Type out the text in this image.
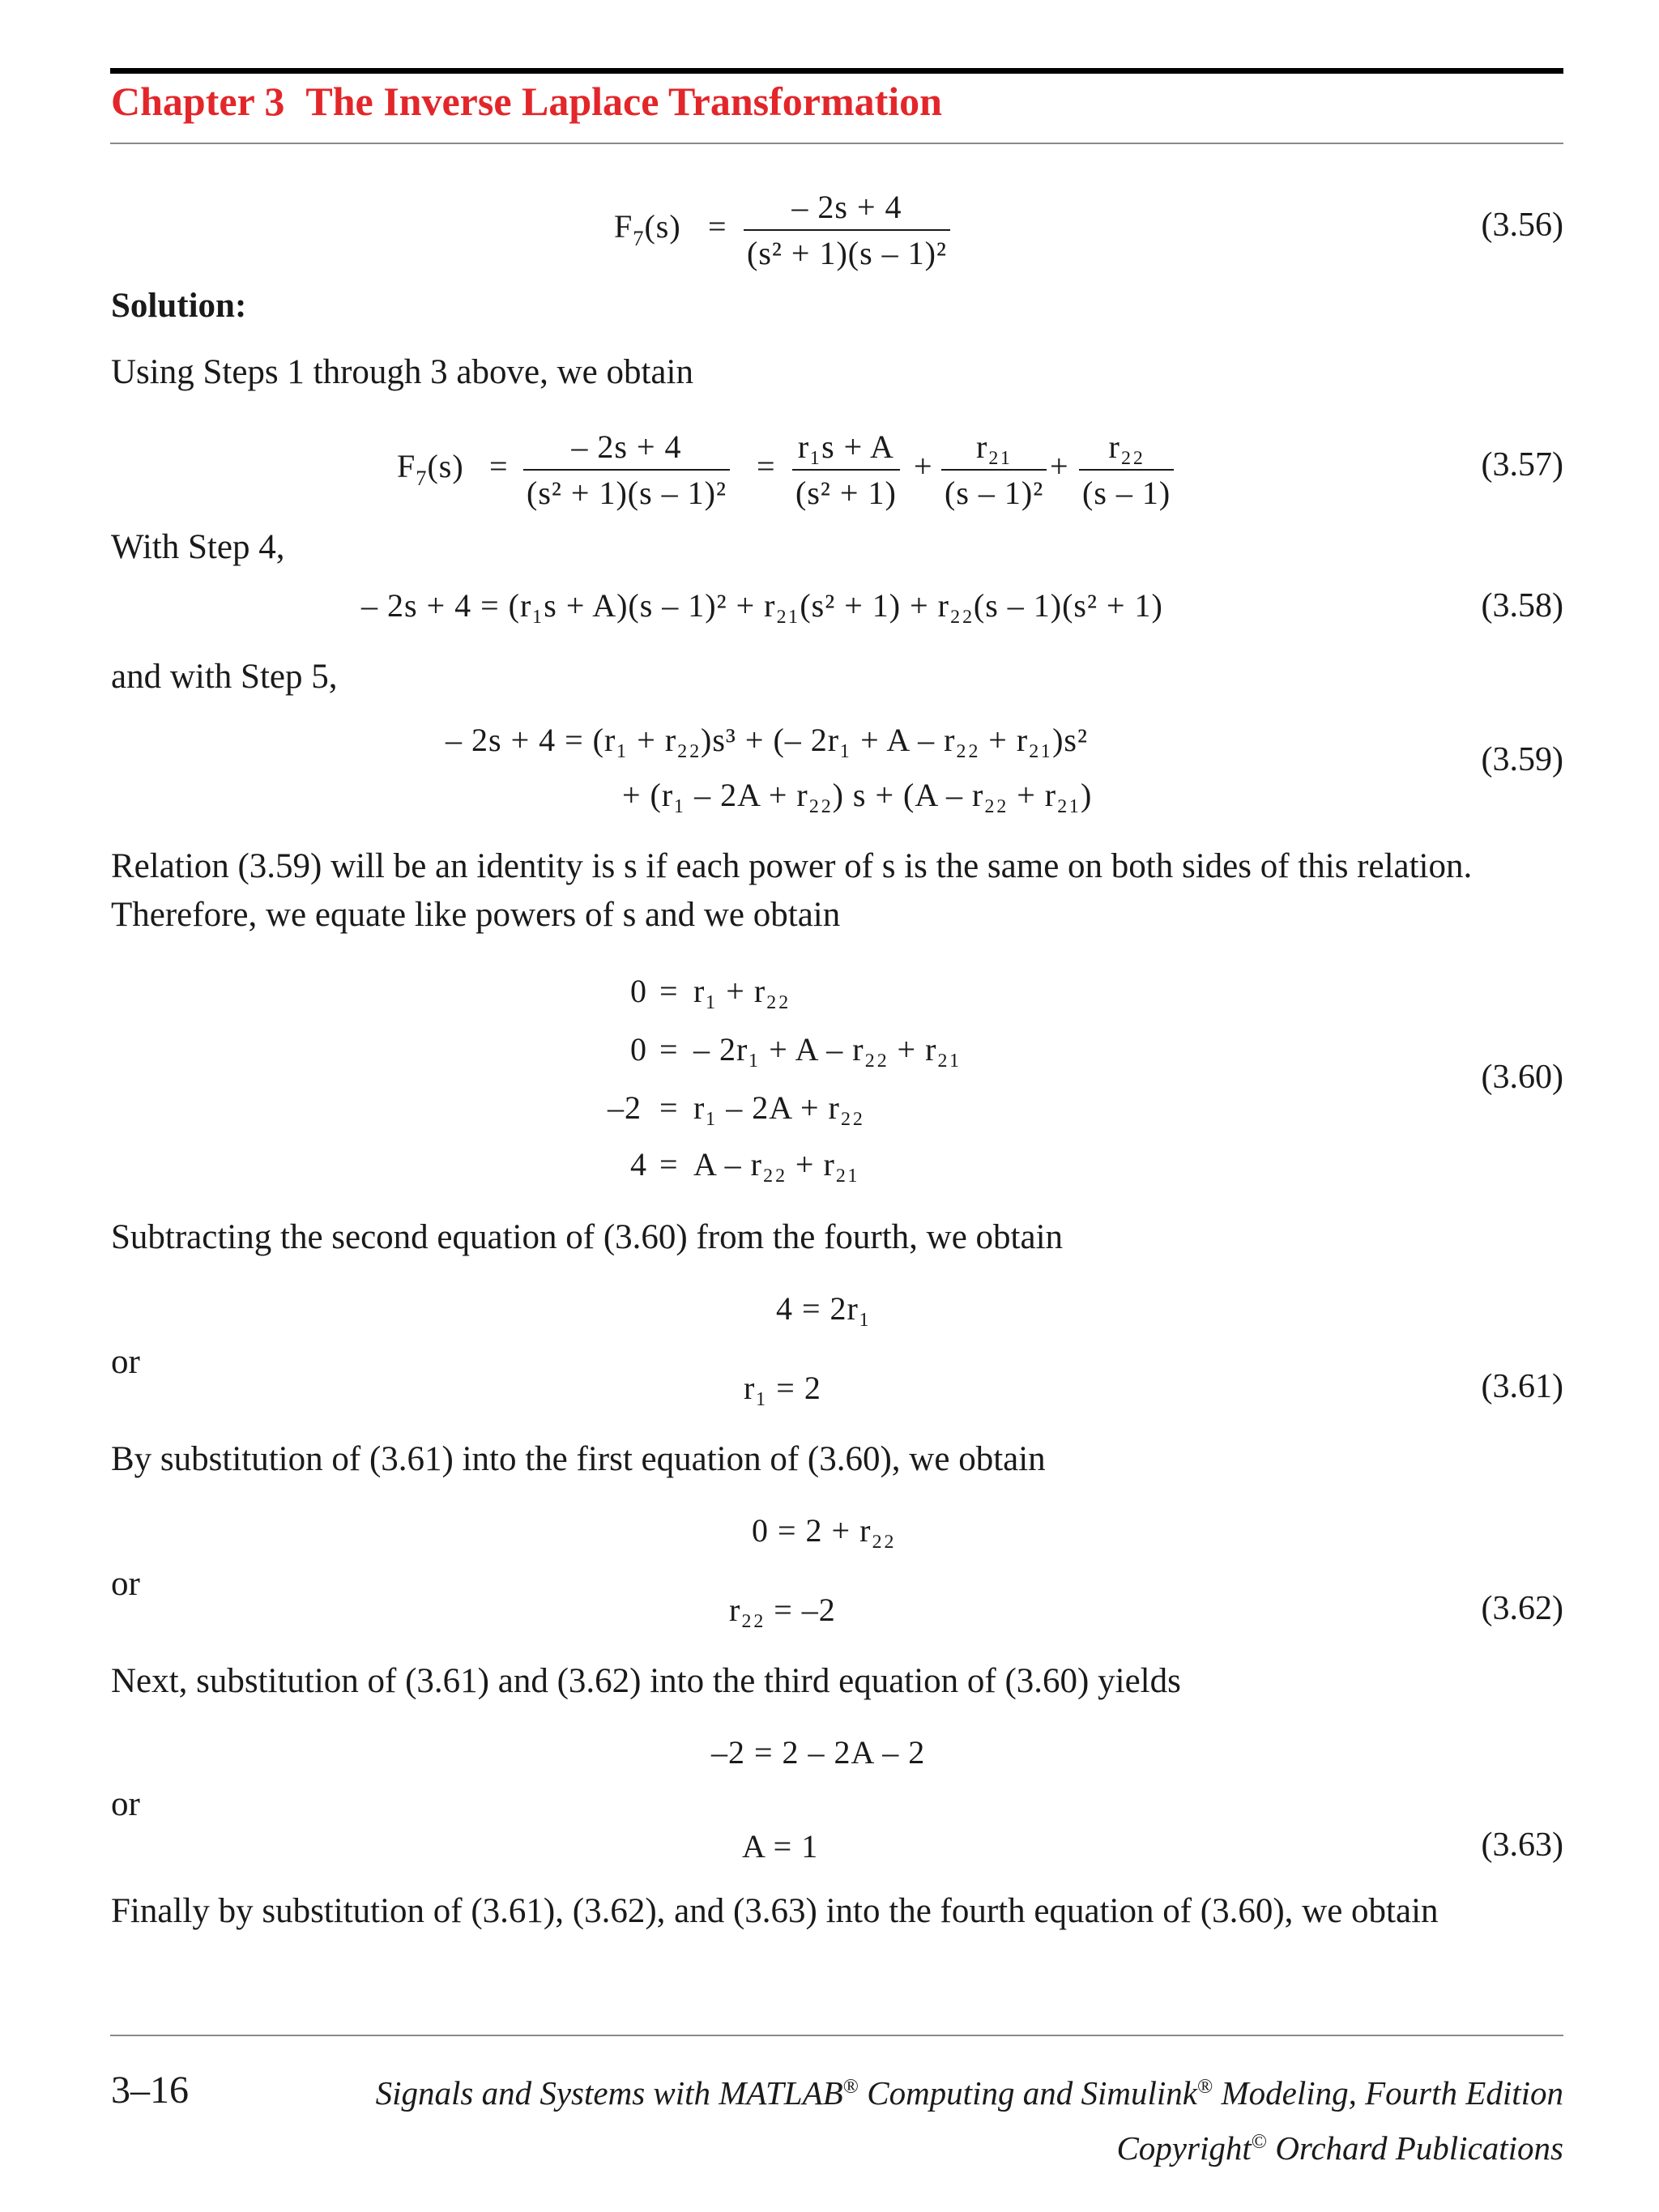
Chapter 3 The Inverse Laplace Transformation
$F_7(s)$ =
– 2s + 4
(s² + 1)(s – 1)²
(3.56)
Solution:
Using Steps 1 through 3 above, we obtain
$F_7(s)$ =
– 2s + 4
(s² + 1)(s – 1)²
=
r₁s + A
(s² + 1)
+
r₂₁
(s – 1)²
+
r₂₂
(s – 1)
(3.57)
With Step 4,
– 2s + 4 = (r₁s + A)(s – 1)² + r₂₁(s² + 1) + r₂₂(s – 1)(s² + 1)	(3.58)
and with Step 5,
– 2s + 4 = (r₁ + r₂₂)s³ + (– 2r₁ + A – r₂₂ + r₂₁)s²
+ (r₁ – 2A + r₂₂) s + (A – r₂₂ + r₂₁)
(3.59)
Relation (3.59) will be an identity is s if each power of s is the same on both sides of this relation.
Therefore, we equate like powers of s and we obtain
0 = r₁ + r₂₂
0 = – 2r₁ + A – r₂₂ + r₂₁
–2 = r₁ – 2A + r₂₂
4 = A – r₂₂ + r₂₁
(3.60)
Subtracting the second equation of (3.60) from the fourth, we obtain
4 = 2r₁
or
r₁ = 2	(3.61)
By substitution of (3.61) into the first equation of (3.60), we obtain
0 = 2 + r₂₂
or
r₂₂ = –2	(3.62)
Next, substitution of (3.61) and (3.62) into the third equation of (3.60) yields
–2 = 2 – 2A – 2
or
A = 1	(3.63)
Finally by substitution of (3.61), (3.62), and (3.63) into the fourth equation of (3.60), we obtain
3–16	Signals and Systems with MATLAB® Computing and Simulink® Modeling, Fourth Edition
Copyright© Orchard Publications
